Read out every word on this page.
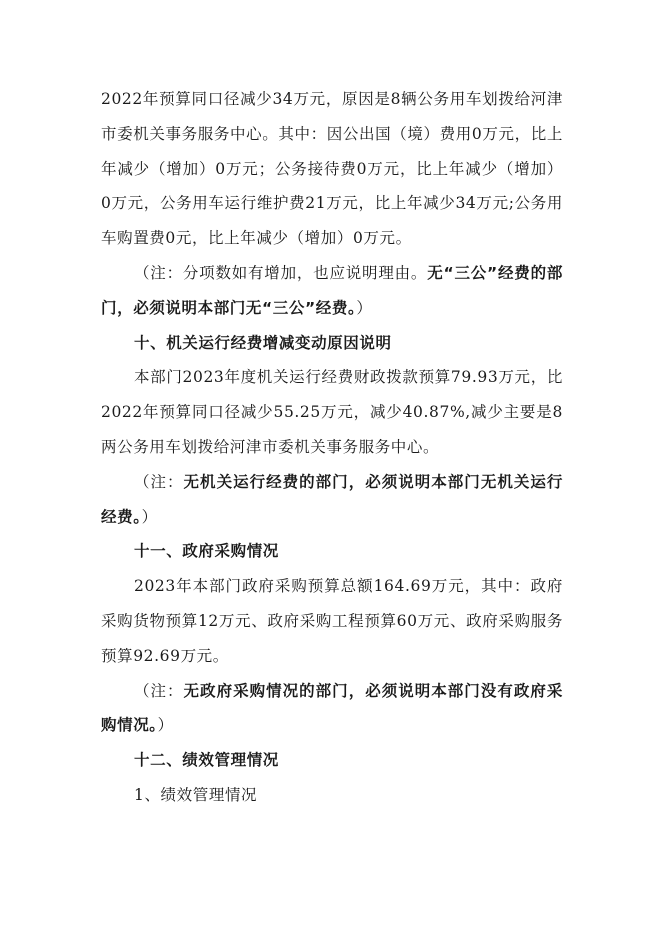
2022年预算同口径减少34万元，原因是8辆公务用车划拨给河津市委机关事务服务中心。其中：因公出国（境）费用0万元，比上年减少（增加）0万元；公务接待费0万元，比上年减少（增加）0万元，公务用车运行维护费21万元，比上年减少34万元;公务用车购置费0元，比上年减少（增加）0万元。

（注：分项数如有增加，也应说明理由。无“三公”经费的部门，必须说明本部门无“三公”经费。）

十、机关运行经费增减变动原因说明

本部门2023年度机关运行经费财政拨款预算79.93万元，比2022年预算同口径减少55.25万元，减少40.87%,减少主要是8两公务用车划拨给河津市委机关事务服务中心。

（注：无机关运行经费的部门，必须说明本部门无机关运行经费。）

十一、政府采购情况

2023年本部门政府采购预算总额164.69万元，其中：政府采购货物预算12万元、政府采购工程预算60万元、政府采购服务预算92.69万元。

（注：无政府采购情况的部门，必须说明本部门没有政府采购情况。）

十二、绩效管理情况

1、绩效管理情况
